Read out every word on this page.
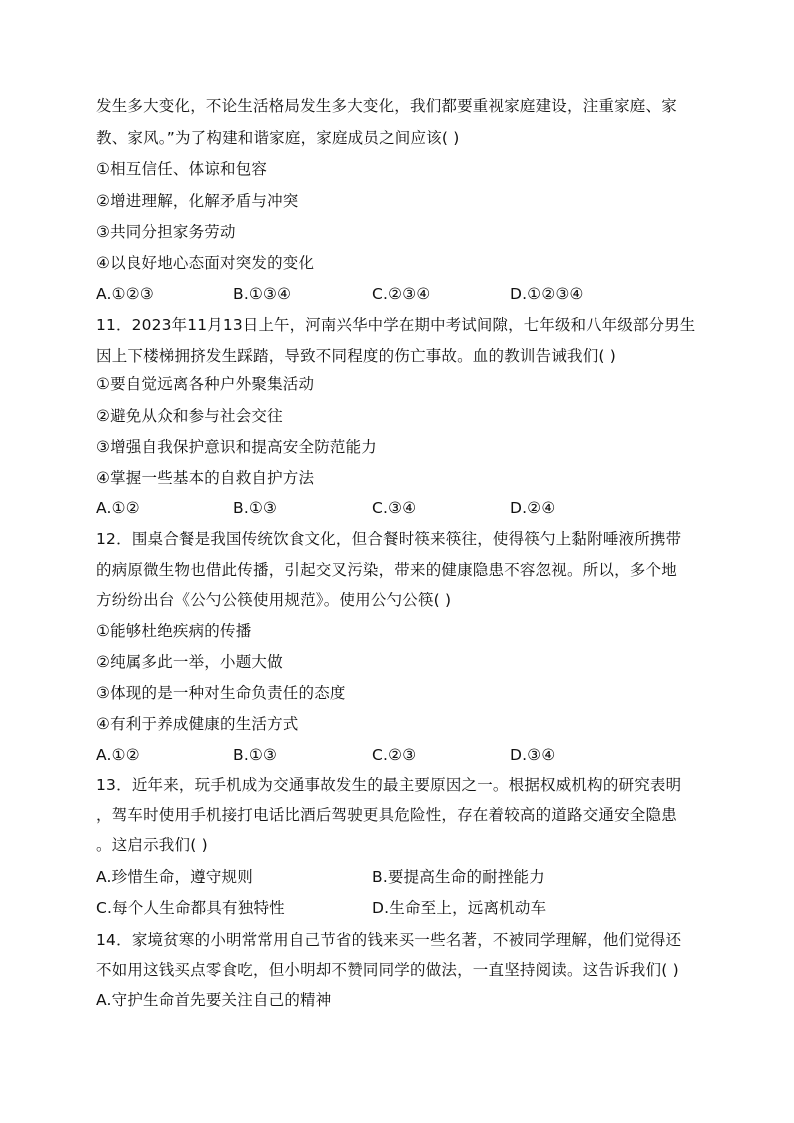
发生多大变化，不论生活格局发生多大变化，我们都要重视家庭建设，注重家庭、家
教、家风。”为了构建和谐家庭，家庭成员之间应该( )
①相互信任、体谅和包容
②增进理解，化解矛盾与冲突
③共同分担家务劳动
④以良好地心态面对突发的变化
A.①②③	B.①③④	C.②③④	D.①②③④
11．2023年11月13日上午，河南兴华中学在期中考试间隙，七年级和八年级部分男生
因上下楼梯拥挤发生踩踏，导致不同程度的伤亡事故。血的教训告诫我们( )
①要自觉远离各种户外聚集活动
②避免从众和参与社会交往
③增强自我保护意识和提高安全防范能力
④掌握一些基本的自救自护方法
A.①②	B.①③	C.③④	D.②④
12．围桌合餐是我国传统饮食文化，但合餐时筷来筷往，使得筷勺上黏附唾液所携带
的病原微生物也借此传播，引起交叉污染，带来的健康隐患不容忽视。所以，多个地
方纷纷出台《公勺公筷使用规范》。使用公勺公筷( )
①能够杜绝疾病的传播
②纯属多此一举，小题大做
③体现的是一种对生命负责任的态度
④有利于养成健康的生活方式
A.①②	B.①③	C.②③	D.③④
13．近年来，玩手机成为交通事故发生的最主要原因之一。根据权威机构的研究表明
，驾车时使用手机接打电话比酒后驾驶更具危险性，存在着较高的道路交通安全隐患
。这启示我们( )
A.珍惜生命，遵守规则	B.要提高生命的耐挫能力
C.每个人生命都具有独特性	D.生命至上，远离机动车
14．家境贫寒的小明常常用自己节省的钱来买一些名著，不被同学理解，他们觉得还
不如用这钱买点零食吃，但小明却不赞同同学的做法，一直坚持阅读。这告诉我们( )
A.守护生命首先要关注自己的精神
